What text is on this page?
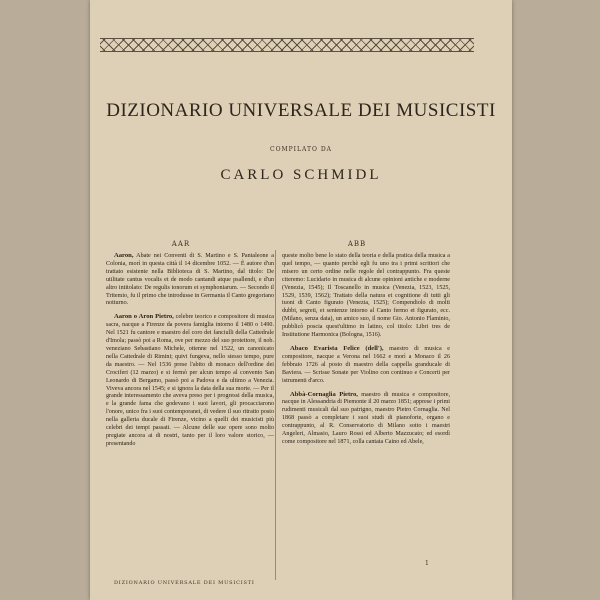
DIZIONARIO UNIVERSALE DEI MUSICISTI
COMPILATO DA
CARLO SCHMIDL
AAR	ABB

Aaron, Abate nei Conventi di S. Martino e S. Pantaleone a Colonia, morì in questa città il 14 dicembre 1052. — È autore d'un trattato esistente nella Biblioteca di S. Martino, dal titolo: De utilitate cantus vocalis et de modo cantandi atque psallendi, e d'un altro intitolato: De regulis tonorum et symphoniarum. — Secondo il Tritemio, fu il primo che introdusse in Germania il Canto gregoriano notturno.

Aaron o Aron Pietro, celebre teorico e compositore di musica sacra, nacque a Firenze da povera famiglia intorno il 1480 o 1490. Nel 1521 fu cantore e maestro del coro dei fanciulli della Cattedrale d'Imola; passò poi a Roma, ove per mezzo del suo protettore, il nob. veneziano Sebastiano Michele, ottenne nel 1522, un canonicato nella Cattedrale di Rimini; quivi fungeva, nello stesso tempo, pure da maestro. — Nel 1536 prese l'abito di monaco dell'ordine dei Crociferi (12 marzo) e si fermò per alcun tempo al convento San Leonardo di Bergamo, passò poi a Padova e da ultimo a Venezia. Viveva ancora nel 1545; e si ignora la data della sua morte. — Per il grande interessamento che aveva preso per i progressi della musica, e la grande fama che godevano i suoi lavori, gli procacciarono l'onore, unico fra i suoi contemporanei, di vedere il suo ritratto posto nella galleria ducale di Firenze, vicino a quelli dei musicisti più celebri dei tempi passati. — Alcune delle sue opere sono molto pregiate ancora ai di nostri, tanto per il loro valore storico, — presentando

queste molto bene lo stato della teoria e della pratica della musica a quel tempo, — quanto perchè egli fu uno tra i primi scrittori che misero un certo ordine nelle regole del contrappunto. Fra queste citeremo: Lucidario in musica di alcune opinioni antiche e moderne (Venezia, 1545); Il Toscanello in musica (Venezia, 1523, 1525, 1529, 1539, 1562); Trattato della natura et cognitione di tutti gli tuoni di Canto figurato (Venezia, 1525); Compendiolo di molti dubbi, segreti, et sentenze intorno al Canto fermo et figurato, ecc. (Milano, senza data), un amico suo, il nome Gio. Antonio Flaminio, pubblicò poscia quest'ultimo in latino, col titolo: Libri tres de Institutione Harmonica (Bologna, 1516).

Abaco Evarista Felice (dell'), maestro di musica e compositore, nacque a Verona nel 1662 e morì a Monaco il 26 febbraio 1726 al posto di maestro della cappella granducale di Baviera. — Scrisse Sonate per Violino con continuo e Concerti per istrumenti d'arco.

Abbà-Cornaglia Pietro, maestro di musica e compositore, nacque in Alessandria di Piemonte il 20 marzo 1851; apprese i primi rudimenti musicali dal suo patrigno, maestro Pietro Cornaglia. Nel 1868 passò a completare i suoi studi di pianoforte, organo e contrappunto, al R. Conservatorio di Milano sotto i maestri Angeleri, Almasio, Lauro Rossi ed Alberto Mazzucato; ed esordì come compositore nel 1871, colla cantata Caino ed Abele,

DIZIONARIO UNIVERSALE DEI MUSICISTI
1
